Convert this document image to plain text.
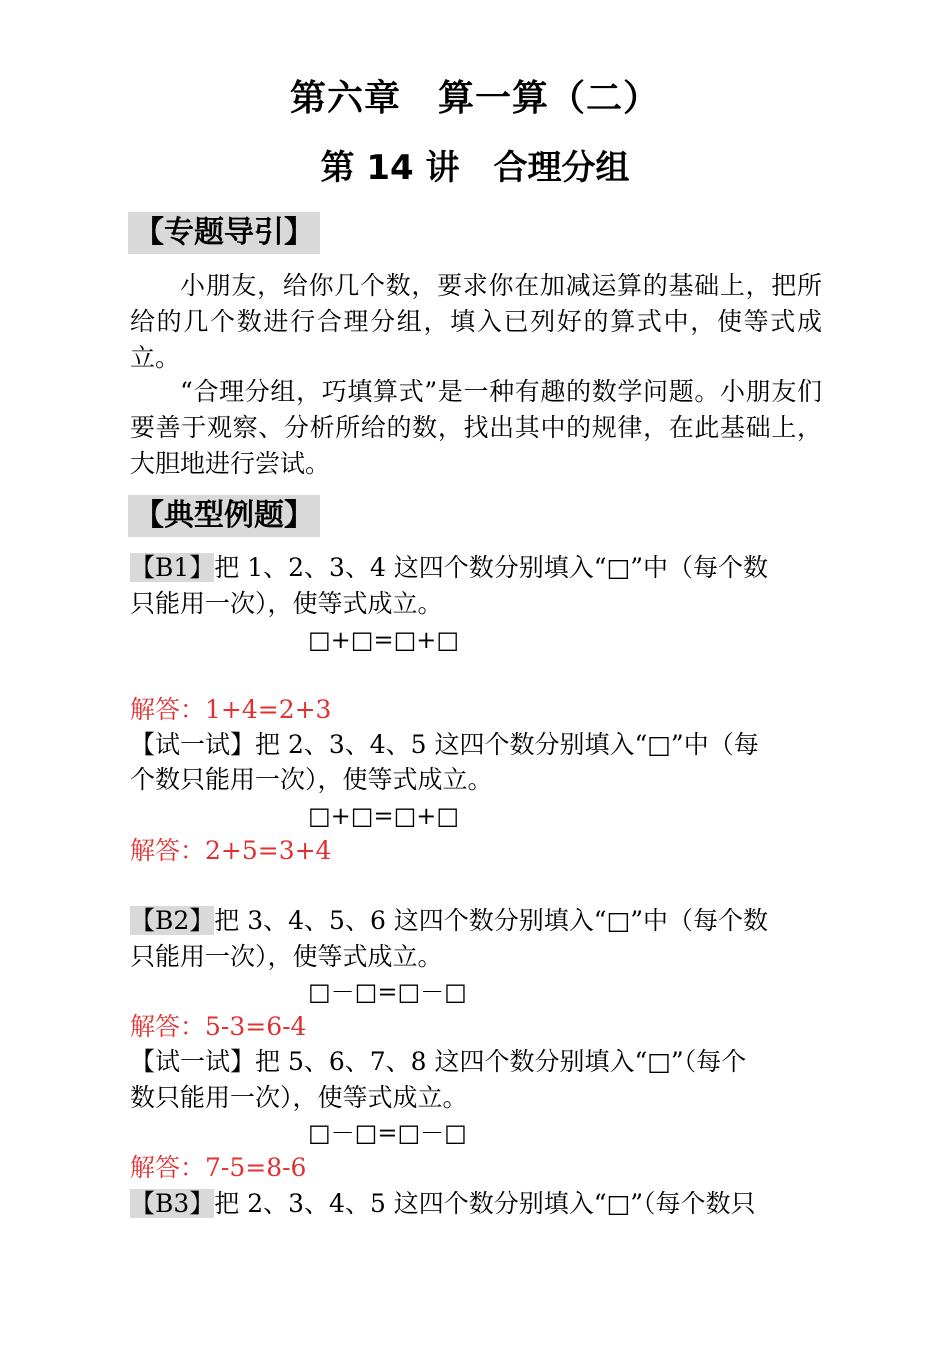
第六章　算一算（二）
第 14 讲　合理分组
【专题导引】
小朋友，给你几个数，要求你在加减运算的基础上，把所给的几个数进行合理分组，填入已列好的算式中，使等式成立。
“合理分组，巧填算式”是一种有趣的数学问题。小朋友们要善于观察、分析所给的数，找出其中的规律，在此基础上，大胆地进行尝试。
【典型例题】
【B1】把 1、2、3、4 这四个数分别填入“□”中（每个数
只能用一次），使等式成立。
□+□=□+□
解答：1+4=2+3
【试一试】把 2、3、4、5 这四个数分别填入“□”中（每
个数只能用一次），使等式成立。
□+□=□+□
解答：2+5=3+4
【B2】把 3、4、5、6 这四个数分别填入“□”中（每个数
只能用一次），使等式成立。
□－□=□－□
解答：5-3=6-4
【试一试】把 5、6、7、8 这四个数分别填入“□”（每个
数只能用一次），使等式成立。
□－□=□－□
解答：7-5=8-6
【B3】把 2、3、4、5 这四个数分别填入“□”（每个数只
